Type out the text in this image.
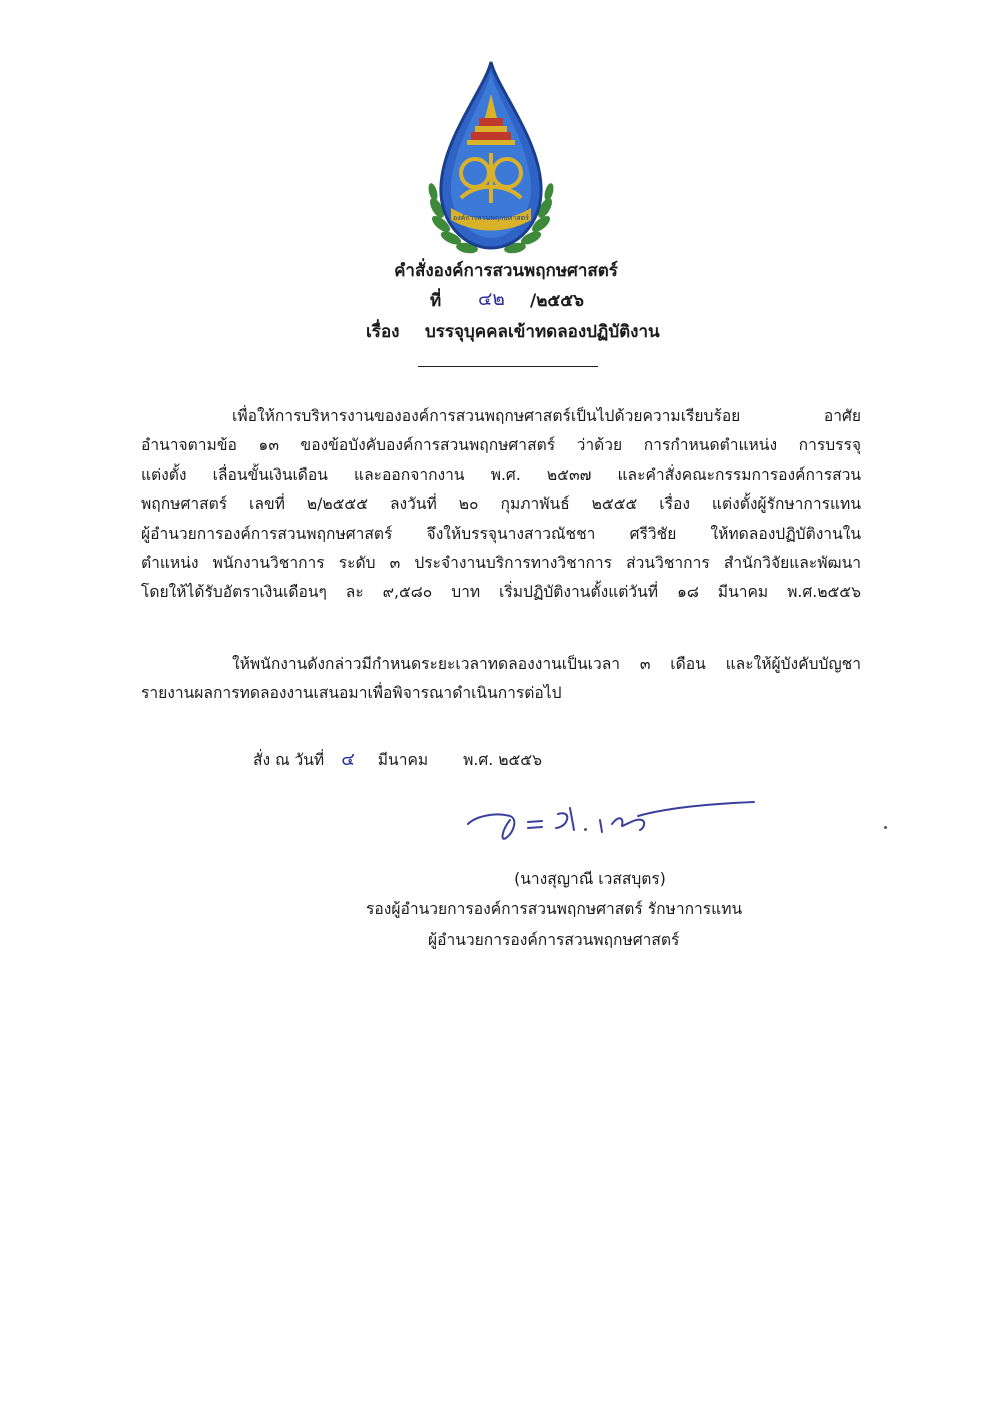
องค์การสวนพฤกษศาสตร์
คำสั่งองค์การสวนพฤกษศาสตร์
ที่ ๔๒ /๒๕๕๖
เรื่อง บรรจุบุคคลเข้าทดลองปฏิบัติงาน
เพื่อให้การบริหารงานขององค์การสวนพฤกษศาสตร์เป็นไปด้วยความเรียบร้อย อาศัย
อำนาจตามข้อ ๑๓ ของข้อบังคับองค์การสวนพฤกษศาสตร์ ว่าด้วย การกำหนดตำแหน่ง การบรรจุ
แต่งตั้ง เลื่อนขั้นเงินเดือน และออกจากงาน พ.ศ. ๒๕๓๗ และคำสั่งคณะกรรมการองค์การสวน
พฤกษศาสตร์ เลขที่ ๒/๒๕๕๕ ลงวันที่ ๒๐ กุมภาพันธ์ ๒๕๕๕ เรื่อง แต่งตั้งผู้รักษาการแทน
ผู้อำนวยการองค์การสวนพฤกษศาสตร์ จึงให้บรรจุนางสาวณัชชา ศรีวิชัย ให้ทดลองปฏิบัติงานใน
ตำแหน่ง พนักงานวิชาการ ระดับ ๓ ประจำงานบริการทางวิชาการ ส่วนวิชาการ สำนักวิจัยและพัฒนา
โดยให้ได้รับอัตราเงินเดือนๆ ละ ๙,๕๘๐ บาท เริ่มปฏิบัติงานตั้งแต่วันที่ ๑๘ มีนาคม พ.ศ.๒๕๕๖
ให้พนักงานดังกล่าวมีกำหนดระยะเวลาทดลองงานเป็นเวลา ๓ เดือน และให้ผู้บังคับบัญชา
รายงานผลการทดลองงานเสนอมาเพื่อพิจารณาดำเนินการต่อไป
สั่ง ณ วันที่ ๔ มีนาคม พ.ศ. ๒๕๕๖
(นางสุญาณี เวสสบุตร)
รองผู้อำนวยการองค์การสวนพฤกษศาสตร์ รักษาการแทน
ผู้อำนวยการองค์การสวนพฤกษศาสตร์
